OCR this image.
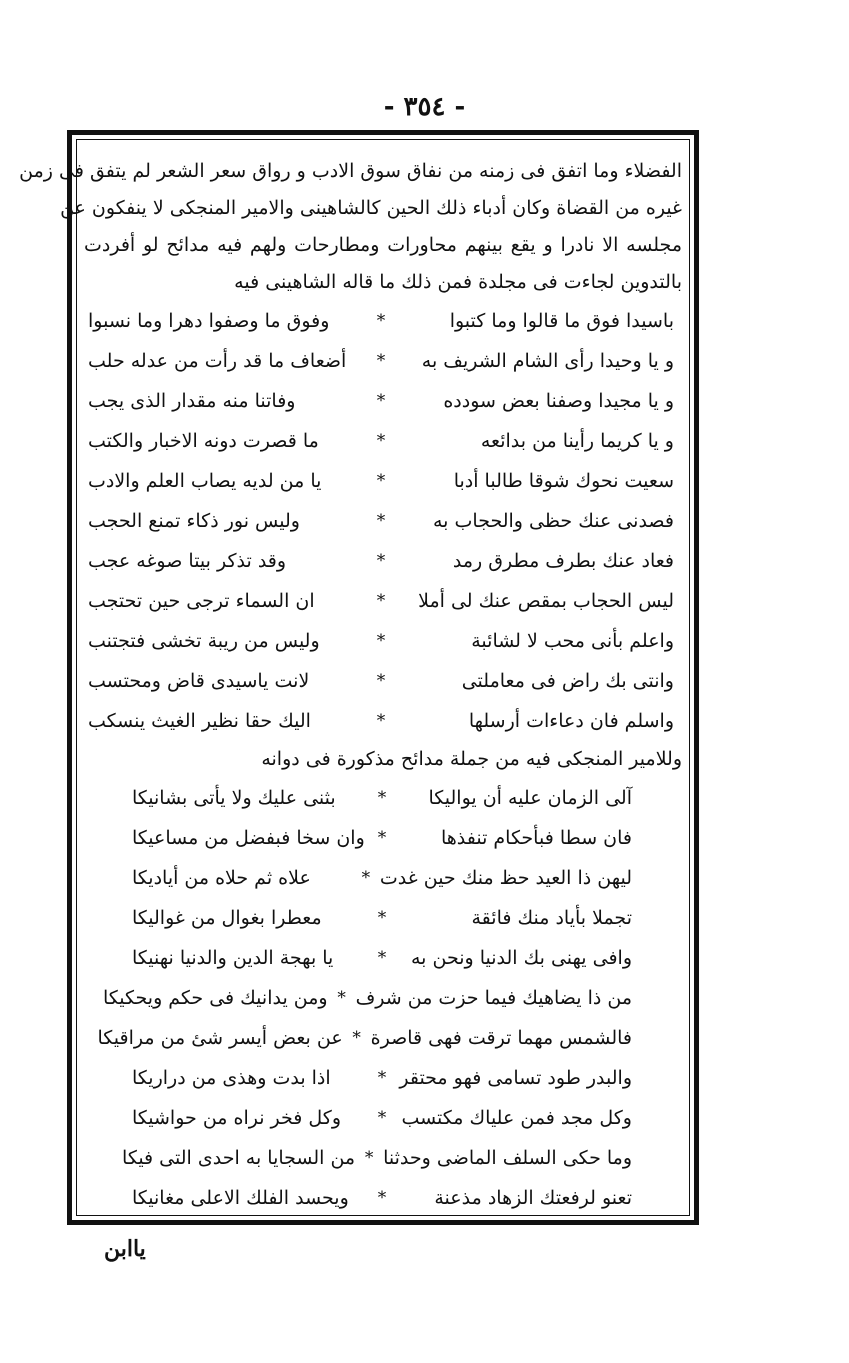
- ٣٥٤ -
الفضلاء وما اتفق فى زمنه من نفاق سوق الادب و رواق سعر الشعر لم يتفق فى زمن
غيره من القضاة وكان أدباء ذلك الحين كالشاهينى والامير المنجكى لا ينفكون عن
مجلسه الا نادرا و يقع بينهم محاورات ومطارحات ولهم فيه مدائح لو أفردت
بالتدوين لجاءت فى مجلدة فمن ذلك ما قاله الشاهينى فيه
باسيدا فوق ما قالوا وما كتبوا
*
وفوق ما وصفوا دهرا وما نسبوا
و يا وحيدا رأى الشام الشريف به
*
أضعاف ما قد رأت من عدله حلب
و يا مجيدا وصفنا بعض سودده
*
وفاتنا منه مقدار الذى يجب
و يا كريما رأينا من بدائعه
*
ما قصرت دونه الاخبار والكتب
سعيت نحوك شوقا طالبا أدبا
*
يا من لديه يصاب العلم والادب
فصدنى عنك حظى والحجاب به
*
وليس نور ذكاء تمنع الحجب
فعاد عنك بطرف مطرق رمد
*
وقد تذكر بيتا صوغه عجب
ليس الحجاب بمقص عنك لى أملا
*
ان السماء ترجى حين تحتجب
واعلم بأنى محب لا لشائبة
*
وليس من ريبة تخشى فتجتنب
وانتى بك راض فى معاملتى
*
لانت ياسيدى قاض ومحتسب
واسلم فان دعاءات أرسلها
*
اليك حقا نظير الغيث ينسكب
وللامير المنجكى فيه من جملة مدائح مذكورة فى دوانه
آلى الزمان عليه أن يواليكا
*
بثنى عليك ولا يأتى بشانيكا
فان سطا فبأحكام تنفذها
*
وان سخا فبفضل من مساعيكا
ليهن ذا العيد حظ منك حين غدت
*
علاه ثم حلاه من أياديكا
تجملا بأياد منك فائقة
*
معطرا بغوال من غواليكا
وافى يهنى بك الدنيا ونحن به
*
يا بهجة الدين والدنيا نهنيكا
من ذا يضاهيك فيما حزت من شرف
*
ومن يدانيك فى حكم ويحكيكا
فالشمس مهما ترقت فهى قاصرة
*
عن بعض أيسر شئ من مراقيكا
والبدر طود تسامى فهو محتقر
*
اذا بدت وهذى من دراريكا
وكل مجد فمن علياك مكتسب
*
وكل فخر نراه من حواشيكا
وما حكى السلف الماضى وحدثنا
*
من السجايا به احدى التى فيكا
تعنو لرفعتك الزهاد مذعنة
*
ويحسد الفلك الاعلى مغانيكا
ياابن
